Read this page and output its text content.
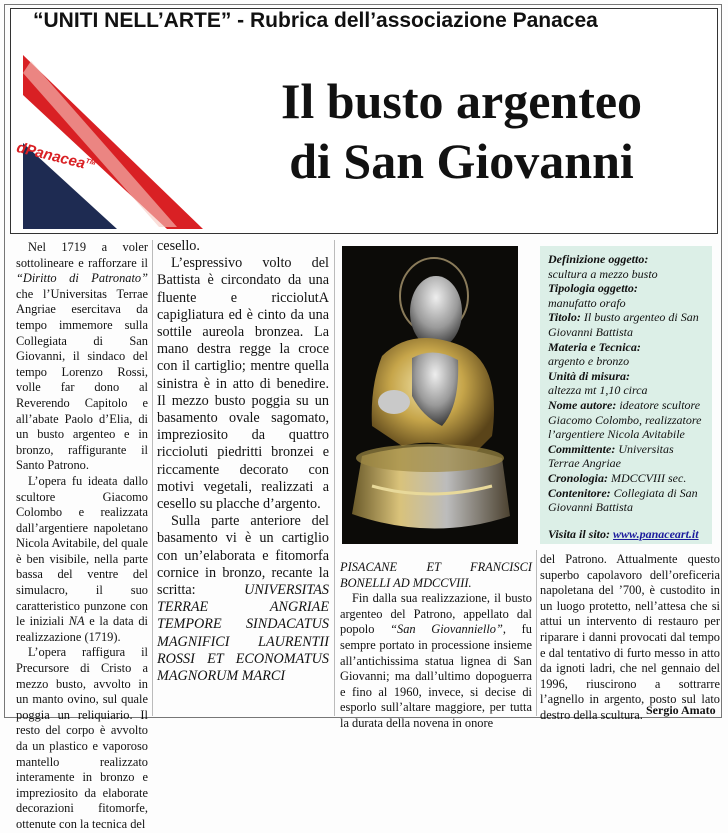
“UNITI NELL’ARTE” - Rubrica dell’associazione Panacea
dPanacea™
Il busto argenteo
di San Giovanni

Nel 1719 a voler sottolineare e rafforzare il “Diritto di Patronato” che l’Universitas Terrae Angriae esercitava da tempo immemore sulla Collegiata di San Giovanni, il sindaco del tempo Lorenzo Rossi, volle far dono al Reverendo Capitolo e all’abate Paolo d’Elia, di un busto argenteo e in bronzo, raffigurante il Santo Patrono.

L’opera fu ideata dallo scultore Giacomo Colombo e realizzata dall’argentiere napoletano Nicola Avitabile, del quale è ben visibile, nella parte bassa del ventre del simulacro, il suo caratteristico punzone con le iniziali NA e la data di realizzazione (1719).

L’opera raffigura il Precursore di Cristo a mezzo busto, avvolto in un manto ovino, sul quale poggia un reliquiario. Il resto del corpo è avvolto da un plastico e vaporoso mantello realizzato interamente in bronzo e impreziosito da elaborate decorazioni fitomorfe, ottenute con la tecnica del

cesello.

L’espressivo volto del Battista è circondato da una fluente e ricciolutA capigliatura ed è cinto da una sottile aureola bronzea. La mano destra regge la croce con il cartiglio; mentre quella sinistra è in atto di benedire. Il mezzo busto poggia su un basamento ovale sagomato, impreziosito da quattro riccioluti piedritti bronzei e riccamente decorato con motivi vegetali, realizzati a cesello su placche d’argento.

Sulla parte anteriore del basamento vi è un cartiglio con un’elaborata e fitomorfa cornice in bronzo, recante la scritta: UNIVERSITAS TERRAE ANGRIAE TEMPORE SINDACATUS MAGNIFICI LAURENTII ROSSI ET ECONOMATUS MAGNORUM MARCI

Definizione oggetto:
scultura a mezzo busto
Tipologia oggetto:
manufatto orafo
Titolo: Il busto argenteo di San Giovanni Battista
Materia e Tecnica:
argento e bronzo
Unità di misura:
altezza mt 1,10 circa
Nome autore: ideatore scultore Giacomo Colombo, realizzatore l’argentiere Nicola Avitabile
Committente: Universitas Terrae Angriae
Cronologia: MDCCVIII sec.
Contenitore: Collegiata di San Giovanni Battista
Visita il sito: www.panaceart.it

PISACANE ET FRANCISCI BONELLI AD MDCCVIII.

Fin dalla sua realizzazione, il busto argenteo del Patrono, appellato dal popolo “San Giovanniello”, fu sempre portato in processione insieme all’antichissima statua lignea di San Giovanni; ma dall’ultimo dopoguerra e fino al 1960, invece, si decise di esporlo sull’altare maggiore, per tutta la durata della novena in onore

del Patrono. Attualmente questo superbo capolavoro dell’oreficeria napoletana del ’700, è custodito in un luogo protetto, nell’attesa che si attui un intervento di restauro per riparare i danni provocati dal tempo e dal tentativo di furto messo in atto da ignoti ladri, che nel gennaio del 1996, riuscirono a sottrarre l’agnello in argento, posto sul lato destro della scultura. Sergio Amato
